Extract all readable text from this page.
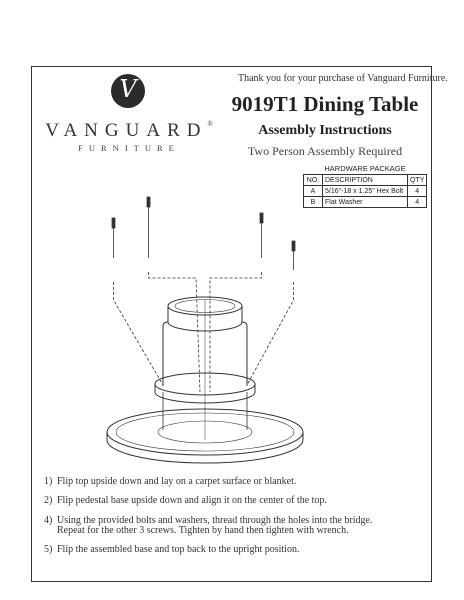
V
VANGUARD®
FURNITURE
Thank you for your purchase of Vanguard Furniture.
9019T1 Dining Table
Assembly Instructions
Two Person Assembly Required
HARDWARE PACKAGE
NO.	DESCRIPTION	QTY
A	5/16"-18 x 1.25" Hex Bolt	4
B	Flat Washer	4
1) Flip top upside down and lay on a carpet surface or blanket.
2) Flip pedestal base upside down and align it on the center of the top.
4) Using the provided bolts and washers, thread through the holes into the bridge.
Repeat for the other 3 screws. Tighten by hand then tighten with wrench.
5) Flip the assembled base and top back to the upright position.
